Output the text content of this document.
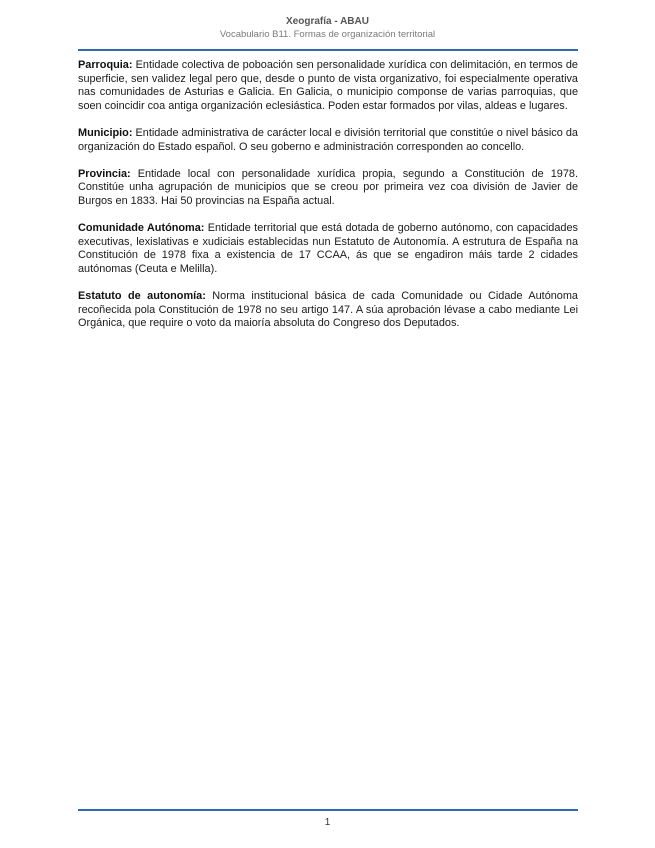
Xeografía - ABAU
Vocabulario B11. Formas de organización territorial

Parroquia: Entidade colectiva de poboación sen personalidade xurídica con delimitación, en termos de superficie, sen validez legal pero que, desde o punto de vista organizativo, foi especialmente operativa nas comunidades de Asturias e Galicia. En Galicia, o municipio componse de varias parroquias, que soen coincidir coa antiga organización eclesiástica. Poden estar formados por vilas, aldeas e lugares.

Municipio: Entidade administrativa de carácter local e división territorial que constitúe o nivel básico da organización do Estado español. O seu goberno e administración corresponden ao concello.

Provincia: Entidade local con personalidade xurídica propia, segundo a Constitución de 1978. Constitúe unha agrupación de municipios que se creou por primeira vez coa división de Javier de Burgos en 1833. Hai 50 provincias na España actual.

Comunidade Autónoma: Entidade territorial que está dotada de goberno autónomo, con capacidades executivas, lexislativas e xudiciais establecidas nun Estatuto de Autonomía. A estrutura de España na Constitución de 1978 fixa a existencia de 17 CCAA, ás que se engadiron máis tarde 2 cidades autónomas (Ceuta e Melilla).

Estatuto de autonomía: Norma institucional básica de cada Comunidade ou Cidade Autónoma recoñecida pola Constitución de 1978 no seu artigo 147. A súa aprobación lévase a cabo mediante Lei Orgánica, que require o voto da maioría absoluta do Congreso dos Deputados.

1
